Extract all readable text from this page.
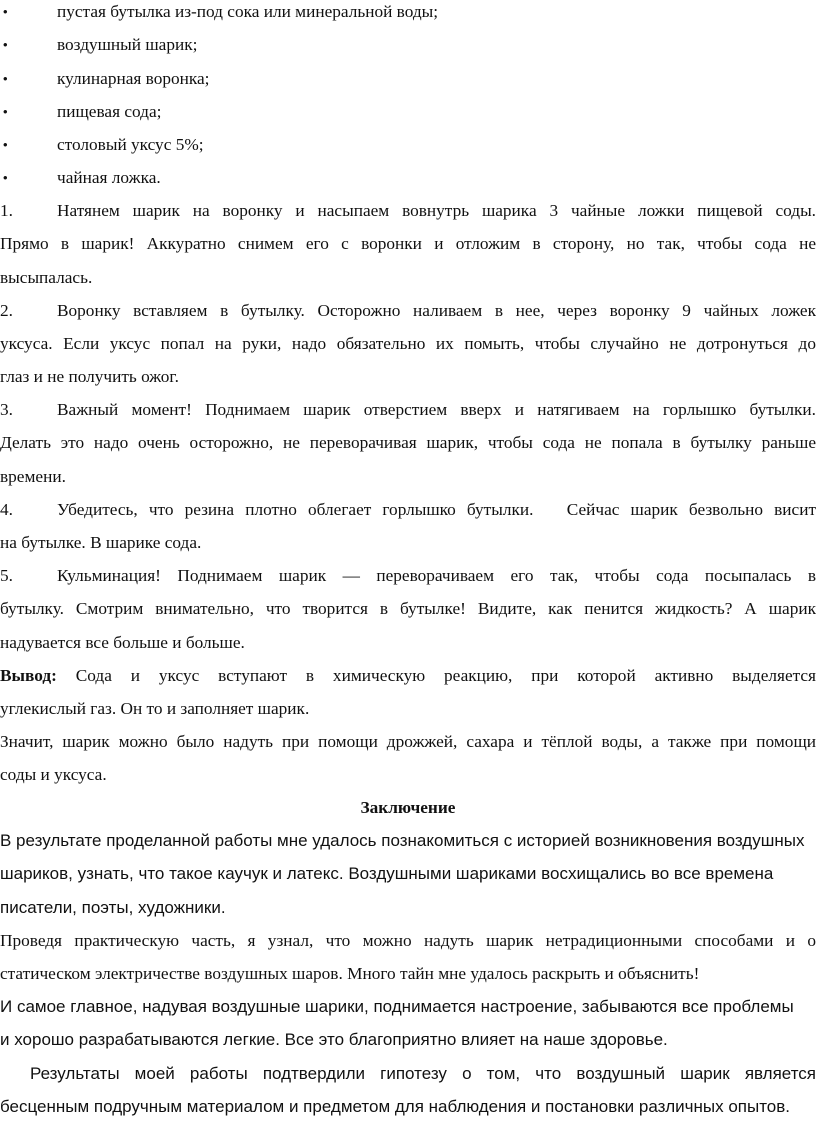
•	пустая бутылка из-под сока или минеральной воды;
•	воздушный шарик;
•	кулинарная воронка;
•	пищевая сода;
•	столовый уксус 5%;
•	чайная ложка.
1.	Натянем шарик на воронку и насыпаем вовнутрь шарика 3 чайные ложки пищевой соды.
Прямо в шарик! Аккуратно снимем его с воронки и отложим в сторону, но так, чтобы сода не
высыпалась.
2.	Воронку вставляем в бутылку. Осторожно наливаем в нее, через воронку 9 чайных ложек
уксуса. Если уксус попал на руки, надо обязательно их помыть, чтобы случайно не дотронуться до
глаз и не получить ожог.
3.	Важный момент! Поднимаем шарик отверстием вверх и натягиваем на горлышко бутылки.
Делать это надо очень осторожно, не переворачивая шарик, чтобы сода не попала в бутылку раньше
времени.
4.	Убедитесь, что резина плотно облегает горлышко бутылки.   Сейчас шарик безвольно висит
на бутылке. В шарике сода.
5.	Кульминация! Поднимаем шарик — переворачиваем его так, чтобы сода посыпалась в
бутылку. Смотрим внимательно, что творится в бутылке! Видите, как пенится жидкость? А шарик
надувается все больше и больше.
Вывод: Сода и уксус вступают в химическую реакцию, при которой активно выделяется
углекислый газ. Он то и заполняет шарик.
Значит, шарик можно было надуть при помощи дрожжей, сахара и тёплой воды, а также при помощи
соды и уксуса.
Заключение
В результате проделанной работы мне удалось познакомиться с историей возникновения воздушных
шариков, узнать, что такое каучук и латекс. Воздушными шариками восхищались во все времена
писатели, поэты, художники.
Проведя практическую часть, я узнал, что можно надуть шарик нетрадиционными способами и о
статическом электричестве воздушных шаров. Много тайн мне удалось раскрыть и объяснить!
И самое главное, надувая воздушные шарики, поднимается настроение, забываются все проблемы
и хорошо разрабатываются легкие. Все это благоприятно влияет на наше здоровье.
Результаты моей работы подтвердили гипотезу о том, что воздушный шарик является
бесценным подручным материалом и предметом для наблюдения и постановки различных опытов.
